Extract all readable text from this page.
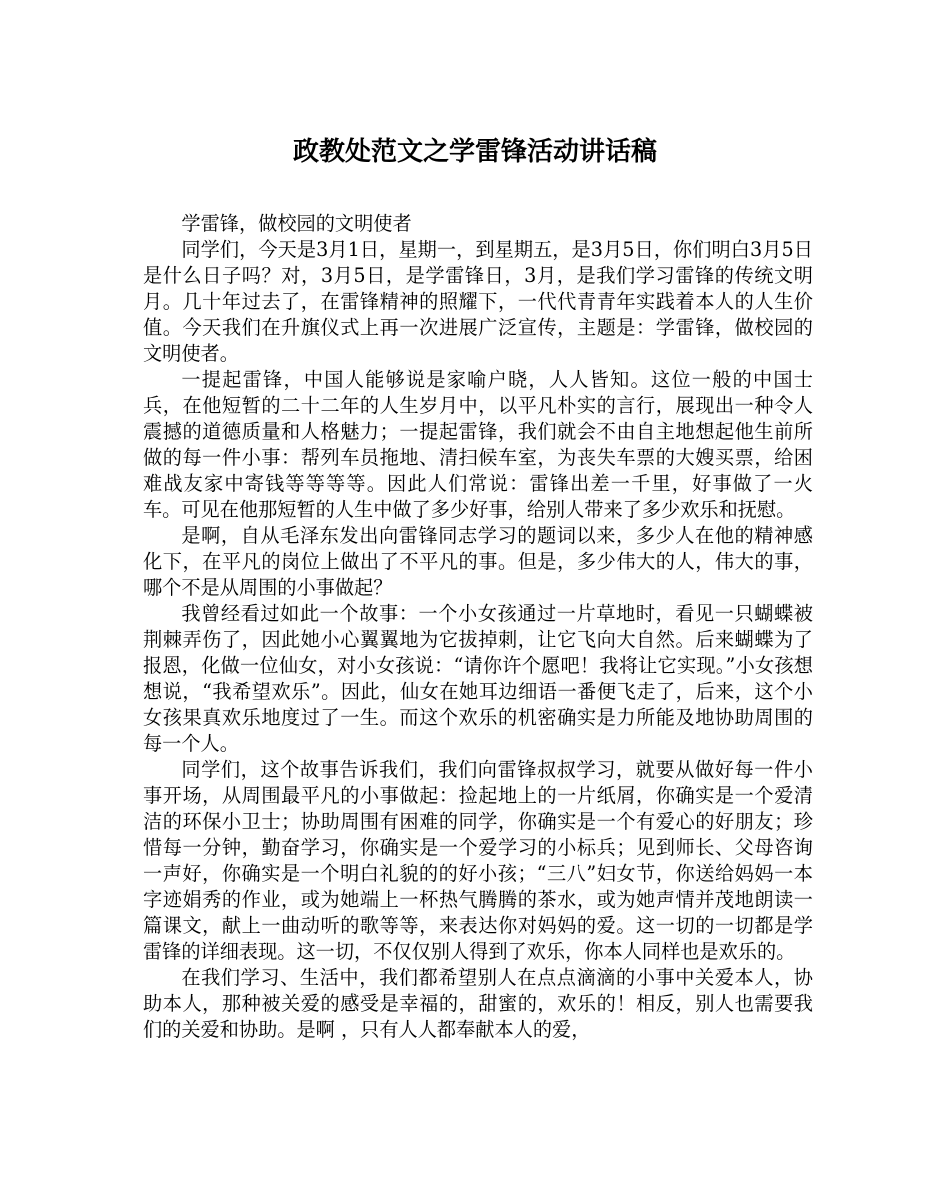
政教处范文之学雷锋活动讲话稿

学雷锋，做校园的文明使者

同学们，今天是3月1日，星期一，到星期五，是3月5日，你们明白3月5日是什么日子吗？对，3月5日，是学雷锋日，3月，是我们学习雷锋的传统文明月。几十年过去了，在雷锋精神的照耀下，一代代青青年实践着本人的人生价值。今天我们在升旗仪式上再一次进展广泛宣传，主题是：学雷锋，做校园的文明使者。

一提起雷锋，中国人能够说是家喻户晓，人人皆知。这位一般的中国士兵，在他短暂的二十二年的人生岁月中，以平凡朴实的言行，展现出一种令人震撼的道德质量和人格魅力；一提起雷锋，我们就会不由自主地想起他生前所做的每一件小事：帮列车员拖地、清扫候车室，为丧失车票的大嫂买票，给困难战友家中寄钱等等等等。因此人们常说：雷锋出差一千里，好事做了一火车。可见在他那短暂的人生中做了多少好事，给别人带来了多少欢乐和抚慰。

是啊，自从毛泽东发出向雷锋同志学习的题词以来，多少人在他的精神感化下，在平凡的岗位上做出了不平凡的事。但是，多少伟大的人，伟大的事，哪个不是从周围的小事做起？

我曾经看过如此一个故事：一个小女孩通过一片草地时，看见一只蝴蝶被荆棘弄伤了，因此她小心翼翼地为它拔掉刺，让它飞向大自然。后来蝴蝶为了报恩，化做一位仙女，对小女孩说：“请你许个愿吧！我将让它实现。”小女孩想想说，“我希望欢乐”。因此，仙女在她耳边细语一番便飞走了，后来，这个小女孩果真欢乐地度过了一生。而这个欢乐的机密确实是力所能及地协助周围的每一个人。

同学们，这个故事告诉我们，我们向雷锋叔叔学习，就要从做好每一件小事开场，从周围最平凡的小事做起：捡起地上的一片纸屑，你确实是一个爱清洁的环保小卫士；协助周围有困难的同学，你确实是一个有爱心的好朋友；珍惜每一分钟，勤奋学习，你确实是一个爱学习的小标兵；见到师长、父母咨询一声好，你确实是一个明白礼貌的的好小孩；“三八”妇女节，你送给妈妈一本字迹娟秀的作业，或为她端上一杯热气腾腾的茶水，或为她声情并茂地朗读一篇课文，献上一曲动听的歌等等，来表达你对妈妈的爱。这一切的一切都是学雷锋的详细表现。这一切，不仅仅别人得到了欢乐，你本人同样也是欢乐的。

在我们学习、生活中，我们都希望别人在点点滴滴的小事中关爱本人，协助本人，那种被关爱的感受是幸福的，甜蜜的，欢乐的！相反，别人也需要我们的关爱和协助。是啊 ，只有人人都奉献本人的爱，
